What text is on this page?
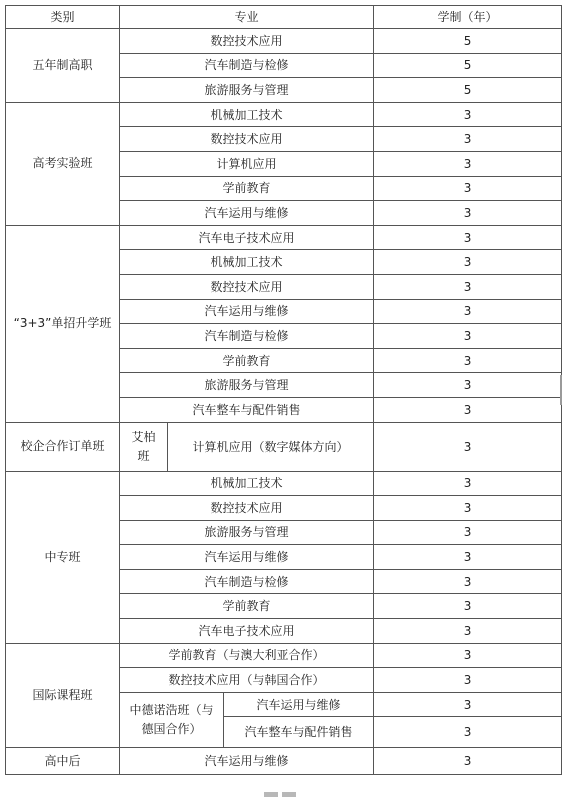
类别	专业			学制（年）
五年制高职	数控技术应用			5
	汽车制造与检修			5
	旅游服务与管理			5
高考实验班	机械加工技术			3
	数控技术应用			3
	计算机应用			3
	学前教育			3
	汽车运用与维修			3
“3+3”单招升学班	汽车电子技术应用			3
	机械加工技术			3
	数控技术应用			3
	汽车运用与维修			3
	汽车制造与检修			3
	学前教育			3
	旅游服务与管理			3
	汽车整车与配件销售			3
校企合作订单班	艾柏班	计算机应用（数字媒体方向）		3
中专班	机械加工技术			3
	数控技术应用			3
	旅游服务与管理			3
	汽车运用与维修			3
	汽车制造与检修			3
	学前教育			3
	汽车电子技术应用			3
国际课程班	学前教育（与澳大利亚合作）			3
	数控技术应用（与韩国合作）			3
	中德诺浩班（与德国合作）		汽车运用与维修	3
			汽车整车与配件销售	3
高中后	汽车运用与维修			3
